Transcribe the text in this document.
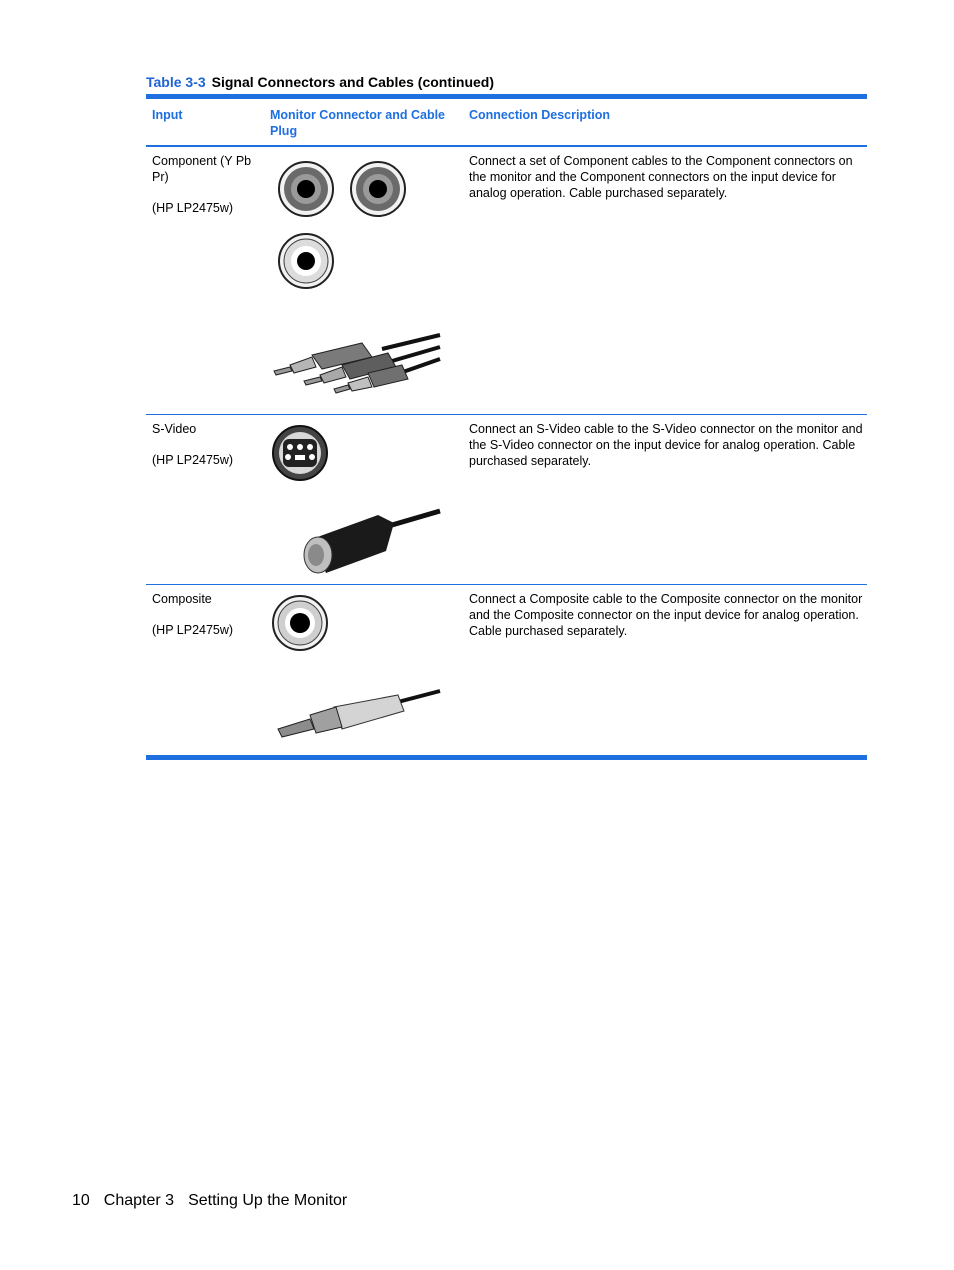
Table 3-3 Signal Connectors and Cables (continued)
Input	Monitor Connector and Cable Plug
Connection Description
Component (Y Pb Pr)
(HP LP2475w)
Connect a set of Component cables to the Component connectors on the monitor and the Component connectors on the input device for analog operation. Cable purchased separately.
S-Video
(HP LP2475w)
Connect an S-Video cable to the S-Video connector on the monitor and the S-Video connector on the input device for analog operation. Cable purchased separately.
Composite
(HP LP2475w)
Connect a Composite cable to the Composite connector on the monitor and the Composite connector on the input device for analog operation. Cable purchased separately.
10 Chapter 3 Setting Up the Monitor
